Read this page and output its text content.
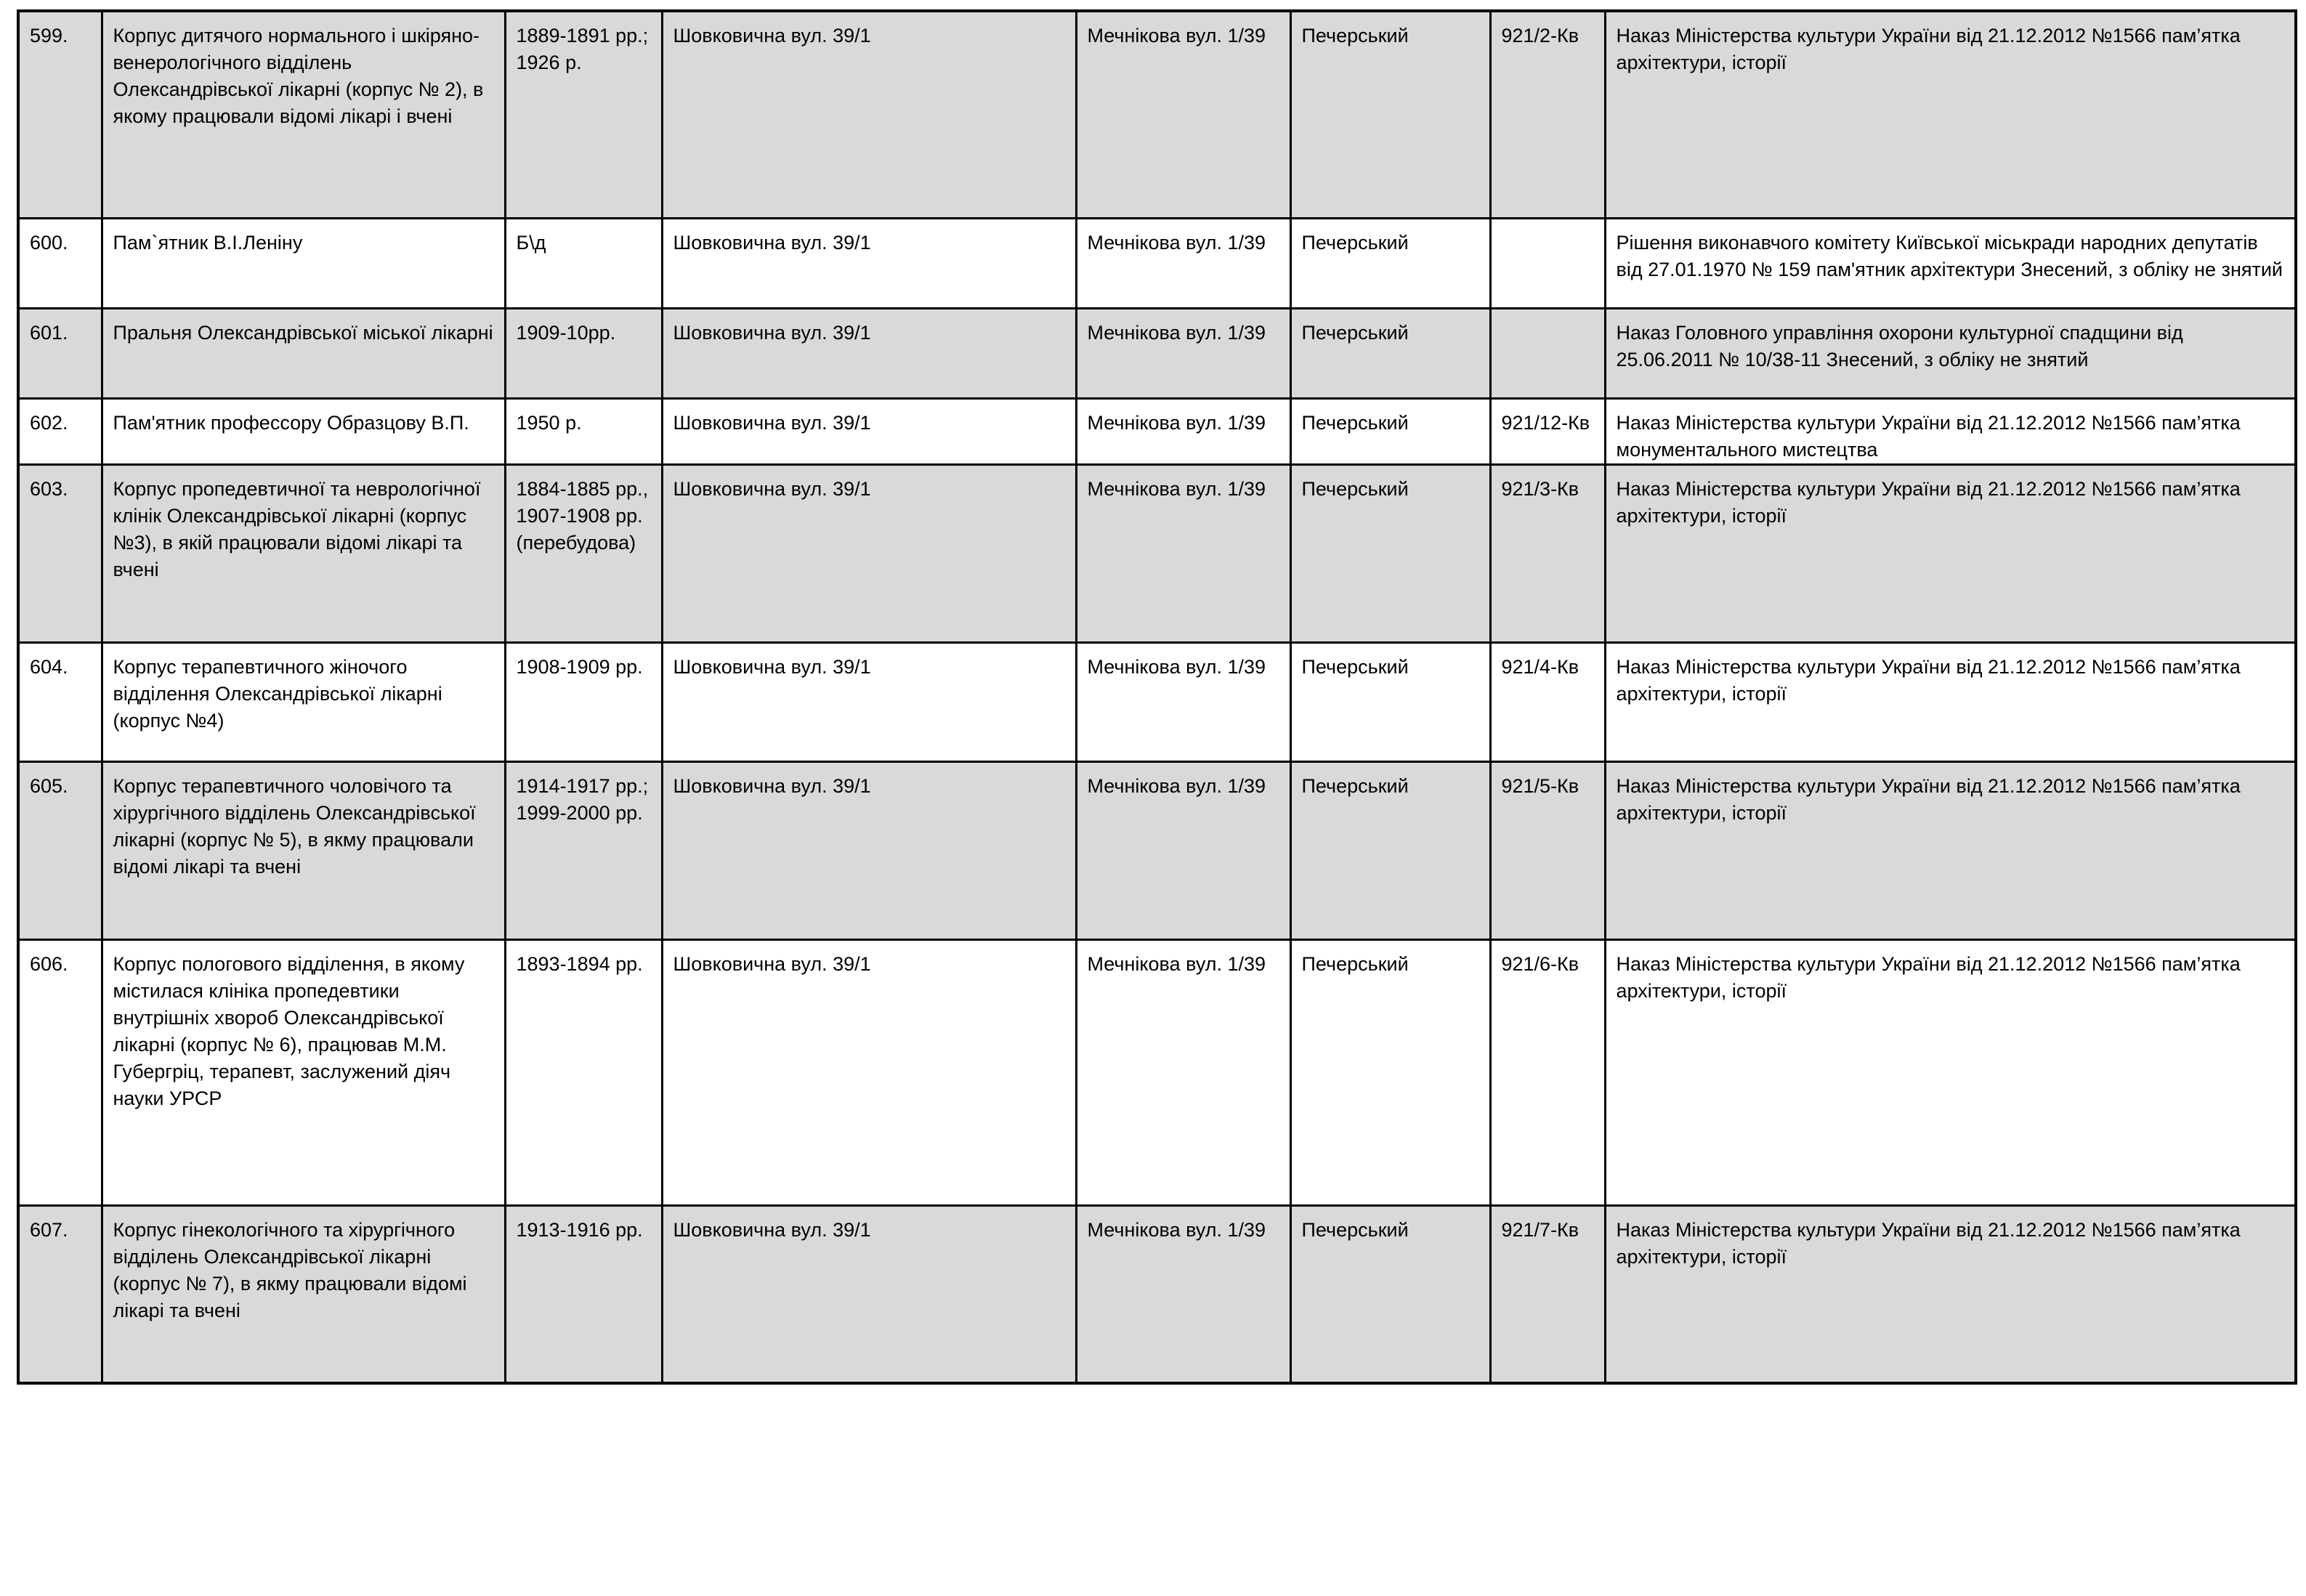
599.	Корпус дитячого нормального і шкіряно-венерологічного відділень Олександрівської лікарні (корпус № 2), в якому працювали відомі лікарі і вчені	1889-1891 рр.; 1926 р.	Шовковична вул. 39/1	Мечнікова вул. 1/39	Печерський	921/2-Кв	Наказ Міністерства культури України від 21.12.2012 №1566 пам’ятка архітектури, історії
600.	Пам`ятник В.І.Леніну	Б\д	Шовковична вул. 39/1	Мечнікова вул. 1/39	Печерський		Рішення виконавчого комітету Київської міськради народних депутатів від 27.01.1970 № 159 пам'ятник архітектури Знесений, з обліку не знятий
601.	Пральня Олександрівської міської лікарні	1909-10рр.	Шовковична вул. 39/1	Мечнікова вул. 1/39	Печерський		Наказ Головного управління охорони культурної спадщини від 25.06.2011 № 10/38-11 Знесений, з обліку не знятий
602.	Пам'ятник профессору Образцову В.П.	1950 р.	Шовковична вул. 39/1	Мечнікова вул. 1/39	Печерський	921/12-Кв	Наказ Міністерства культури України від 21.12.2012 №1566 пам’ятка монументального мистецтва
603.	Корпус пропедевтичної та неврологічної клінік Олександрівської лікарні (корпус №3), в якій працювали відомі лікарі та вчені	1884-1885 рр., 1907-1908 рр. (перебудова)	Шовковична вул. 39/1	Мечнікова вул. 1/39	Печерський	921/3-Кв	Наказ Міністерства культури України від 21.12.2012 №1566 пам’ятка архітектури, історії
604.	Корпус терапевтичного жіночого відділення Олександрівської лікарні (корпус №4)	1908-1909 рр.	Шовковична вул. 39/1	Мечнікова вул. 1/39	Печерський	921/4-Кв	Наказ Міністерства культури України від 21.12.2012 №1566 пам’ятка архітектури, історії
605.	Корпус терапевтичного чоловічого та хірургічного відділень Олександрівської лікарні (корпус № 5), в якму працювали відомі лікарі та вчені	1914-1917 рр.; 1999-2000 рр.	Шовковична вул. 39/1	Мечнікова вул. 1/39	Печерський	921/5-Кв	Наказ Міністерства культури України від 21.12.2012 №1566 пам’ятка архітектури, історії
606.	Корпус пологового відділення, в якому містилася клініка пропедевтики внутрішніх хвороб Олександрівської лікарні (корпус № 6), працював М.М. Губергріц, терапевт, заслужений діяч науки УРСР	1893-1894 рр.	Шовковична вул. 39/1	Мечнікова вул. 1/39	Печерський	921/6-Кв	Наказ Міністерства культури України від 21.12.2012 №1566 пам’ятка архітектури, історії
607.	Корпус гінекологічного та хірургічного відділень Олександрівської лікарні (корпус № 7), в якму працювали відомі лікарі та вчені	1913-1916 рр.	Шовковична вул. 39/1	Мечнікова вул. 1/39	Печерський	921/7-Кв	Наказ Міністерства культури України від 21.12.2012 №1566 пам’ятка архітектури, історії
